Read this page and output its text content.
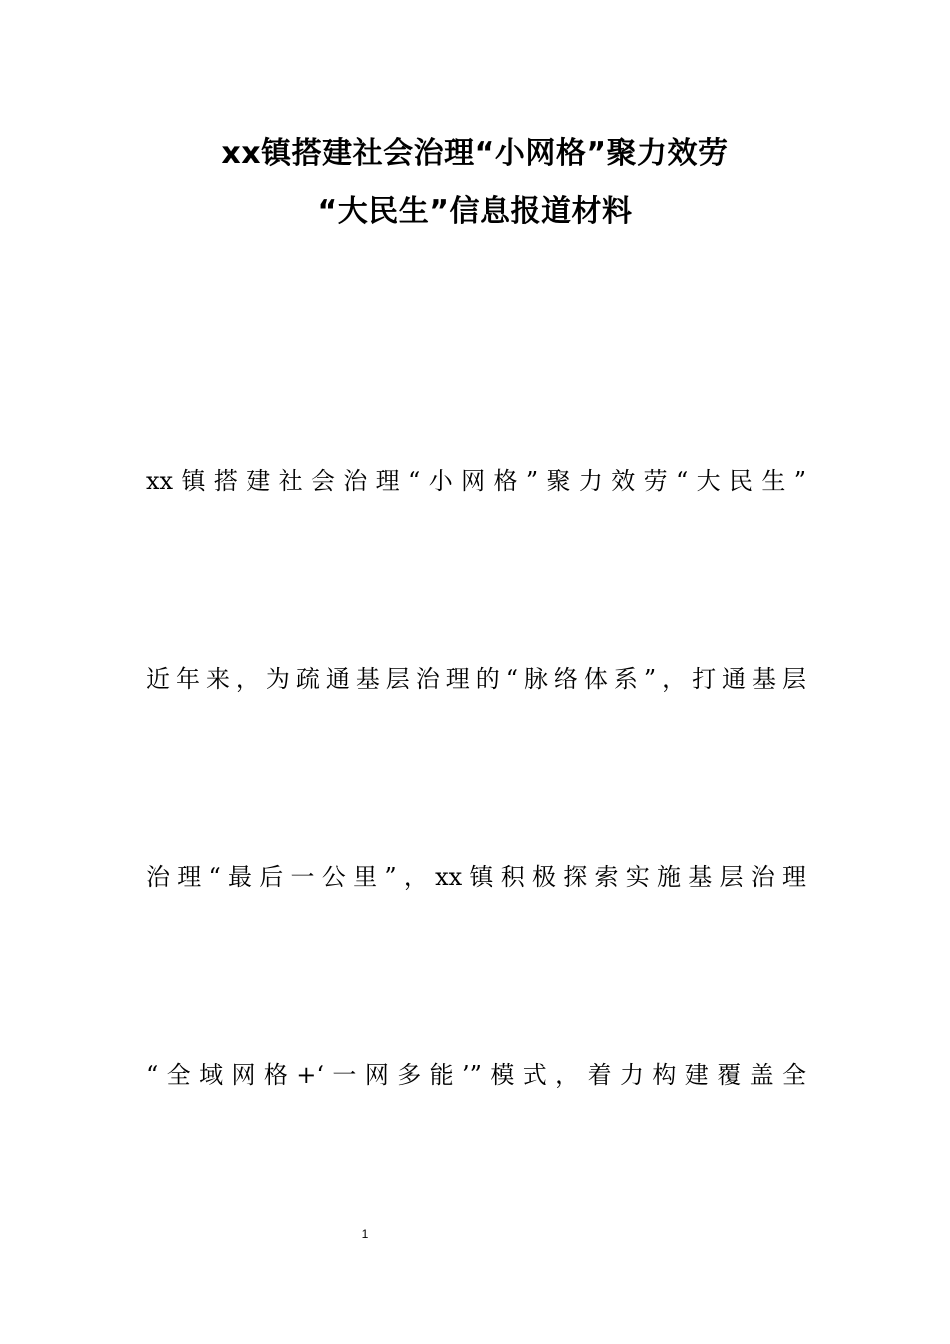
xx镇搭建社会治理“小网格”聚力效劳
“大民生”信息报道材料
xx镇搭建社会治理“小网格”聚力效劳“大民生”
近年来，为疏通基层治理的“脉络体系”，打通基层
治理“最后一公里”，xx镇积极探索实施基层治理
“全域网格+‘一网多能’”模式，着力构建覆盖全
1
